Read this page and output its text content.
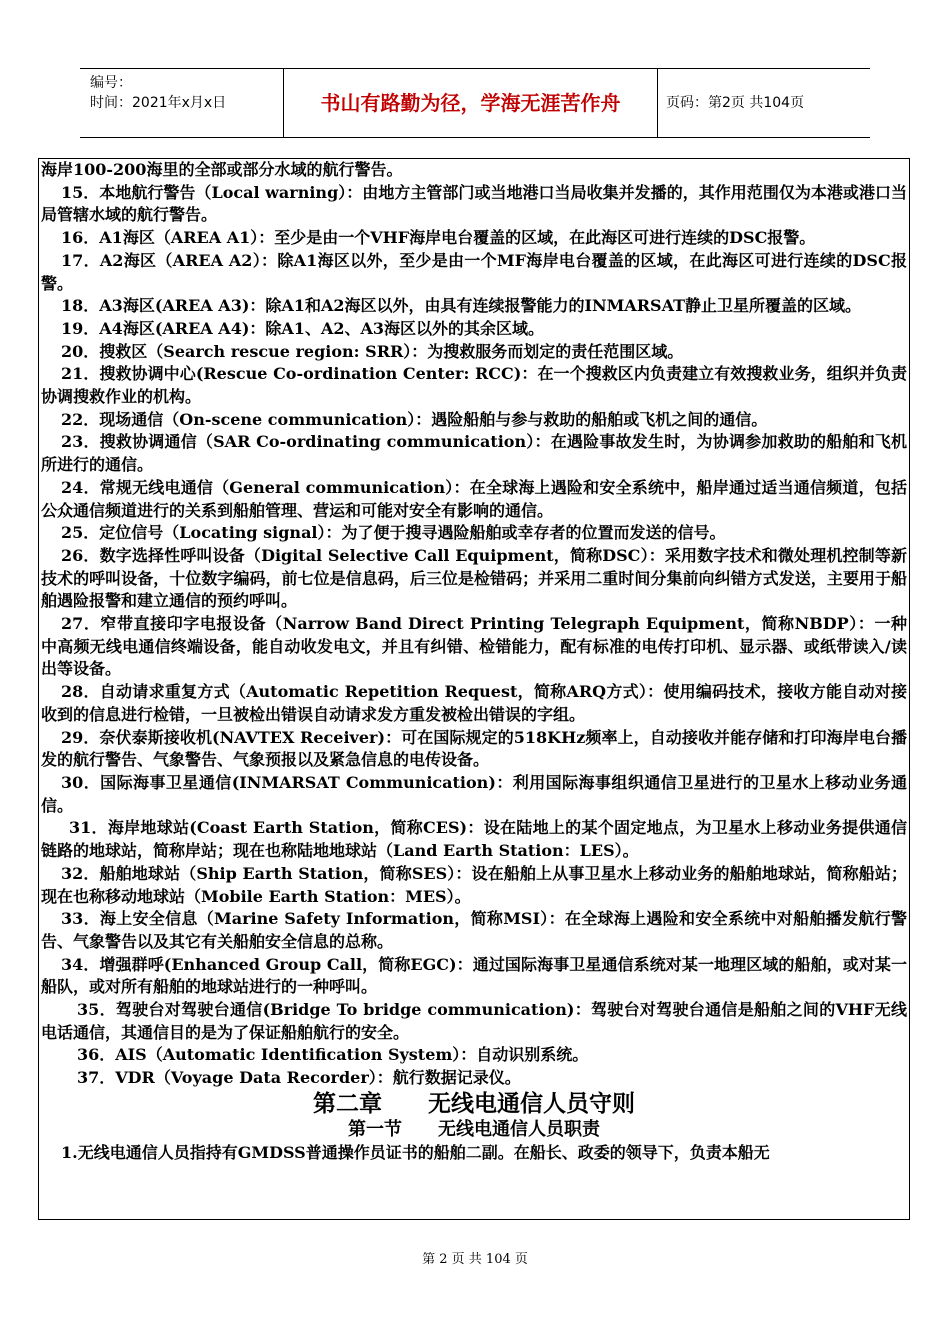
编号：
时间：2021年x月x日	书山有路勤为径，学海无涯苦作舟	页码：第2页 共104页

海岸100-200海里的全部或部分水域的航行警告。

15．本地航行警告（Local warning）：由地方主管部门或当地港口当局收集并发播的，其作用范围仅为本港或港口当局管辖水域的航行警告。

16．A1海区（AREA A1）：至少是由一个VHF海岸电台覆盖的区域，在此海区可进行连续的DSC报警。

17．A2海区（AREA A2）：除A1海区以外，至少是由一个MF海岸电台覆盖的区域，在此海区可进行连续的DSC报警。

18．A3海区(AREA A3)：除A1和A2海区以外，由具有连续报警能力的INMARSAT静止卫星所覆盖的区域。

19．A4海区(AREA A4)：除A1、A2、A3海区以外的其余区域。

20．搜救区（Search rescue region: SRR）：为搜救服务而划定的责任范围区域。

21．搜救协调中心(Rescue Co-ordination Center: RCC)：在一个搜救区内负责建立有效搜救业务，组织并负责协调搜救作业的机构。

22．现场通信（On-scene communication）：遇险船舶与参与救助的船舶或飞机之间的通信。

23．搜救协调通信（SAR Co-ordinating communication）：在遇险事故发生时，为协调参加救助的船舶和飞机所进行的通信。

24．常规无线电通信（General communication）：在全球海上遇险和安全系统中，船岸通过适当通信频道，包括公众通信频道进行的关系到船舶管理、营运和可能对安全有影响的通信。

25．定位信号（Locating signal）：为了便于搜寻遇险船舶或幸存者的位置而发送的信号。

26．数字选择性呼叫设备（Digital Selective Call Equipment，简称DSC）：采用数字技术和微处理机控制等新技术的呼叫设备，十位数字编码，前七位是信息码，后三位是检错码；并采用二重时间分集前向纠错方式发送，主要用于船舶遇险报警和建立通信的预约呼叫。

27．窄带直接印字电报设备（Narrow Band Direct Printing Telegraph Equipment，简称NBDP）：一种中高频无线电通信终端设备，能自动收发电文，并且有纠错、检错能力，配有标准的电传打印机、显示器、或纸带读入/读出等设备。

28．自动请求重复方式（Automatic Repetition Request，简称ARQ方式）：使用编码技术，接收方能自动对接收到的信息进行检错，一旦被检出错误自动请求发方重发被检出错误的字组。

29．奈伏泰斯接收机(NAVTEX Receiver)：可在国际规定的518KHz频率上，自动接收并能存储和打印海岸电台播发的航行警告、气象警告、气象预报以及紧急信息的电传设备。

30．国际海事卫星通信(INMARSAT Communication)：利用国际海事组织通信卫星进行的卫星水上移动业务通信。

31．海岸地球站(Coast Earth Station，简称CES)：设在陆地上的某个固定地点，为卫星水上移动业务提供通信链路的地球站，简称岸站；现在也称陆地地球站（Land Earth Station：LES）。

32．船舶地球站（Ship Earth Station，简称SES）：设在船舶上从事卫星水上移动业务的船舶地球站，简称船站；现在也称移动地球站（Mobile Earth Station：MES）。

33．海上安全信息（Marine Safety Information，简称MSI）：在全球海上遇险和安全系统中对船舶播发航行警告、气象警告以及其它有关船舶安全信息的总称。

34．增强群呼(Enhanced Group Call，简称EGC)：通过国际海事卫星通信系统对某一地理区域的船舶，或对某一船队，或对所有船舶的地球站进行的一种呼叫。

35．驾驶台对驾驶台通信(Bridge To bridge communication)：驾驶台对驾驶台通信是船舶之间的VHF无线电话通信，其通信目的是为了保证船舶航行的安全。

36．AIS（Automatic Identification System）：自动识别系统。

37．VDR（Voyage Data Recorder）：航行数据记录仪。

第二章　　无线电通信人员守则
第一节　　无线电通信人员职责

1.无线电通信人员指持有GMDSS普通操作员证书的船舶二副。在船长、政委的领导下，负责本船无

第 2 页 共 104 页
